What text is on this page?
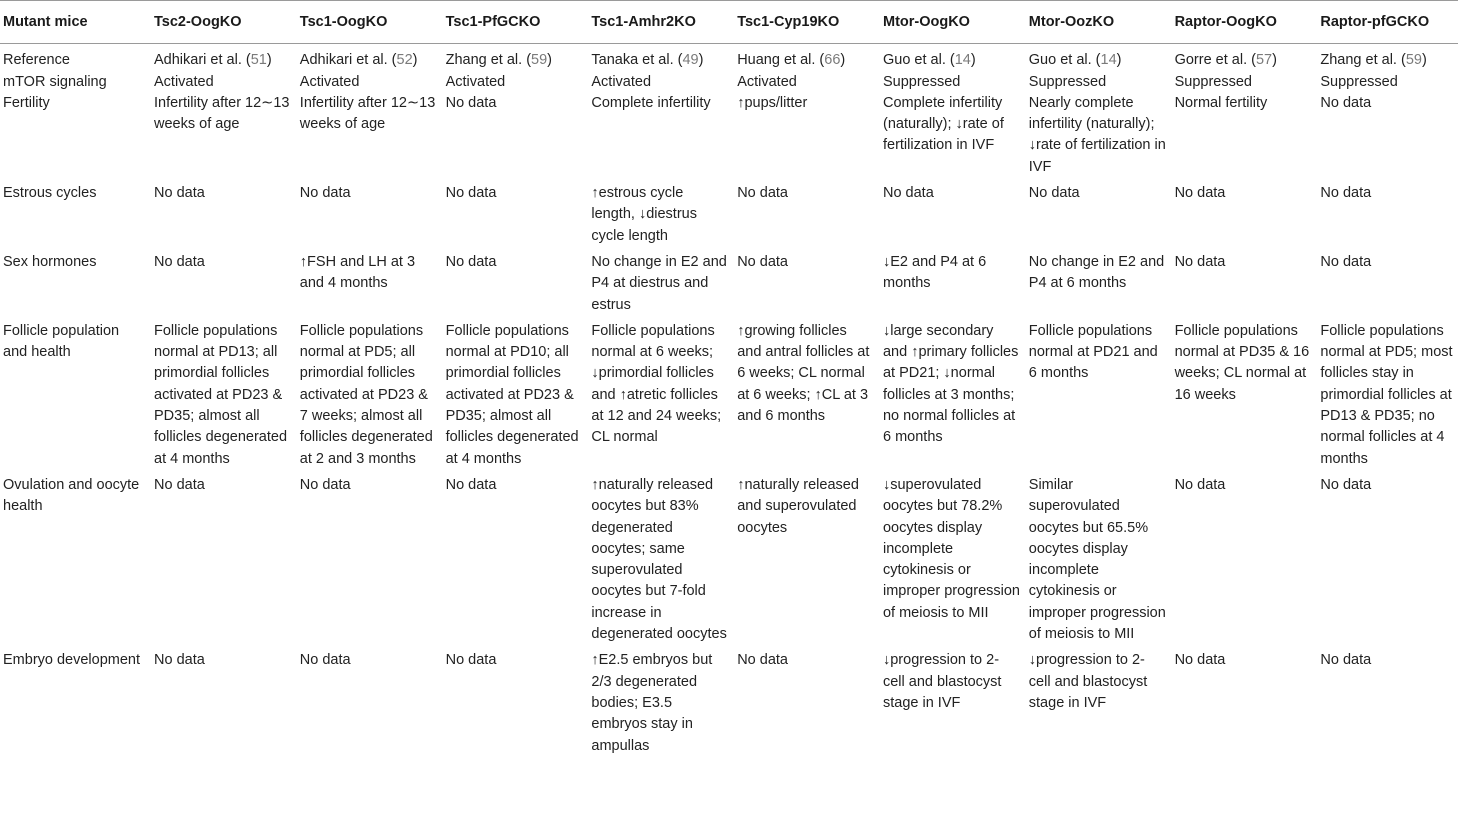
Mutant mice	Tsc2-OogKO	Tsc1-OogKO	Tsc1-PfGCKO	Tsc1-Amhr2KO	Tsc1-Cyp19KO	Mtor-OogKO	Mtor-OozKO	Raptor-OogKO	Raptor-pfGCKO
Reference	Adhikari et al. (51)	Adhikari et al. (52)	Zhang et al. (59)	Tanaka et al. (49)	Huang et al. (66)	Guo et al. (14)	Guo et al. (14)	Gorre et al. (57)	Zhang et al. (59)
mTOR signaling	Activated	Activated	Activated	Activated	Activated	Suppressed	Suppressed	Suppressed	Suppressed
Fertility	Infertility after 12∼13 weeks of age	Infertility after 12∼13 weeks of age	No data	Complete infertility	↑pups/litter	Complete infertility (naturally); ↓rate of fertilization in IVF	Nearly complete infertility (naturally); ↓rate of fertilization in IVF	Normal fertility	No data
Estrous cycles	No data	No data	No data	↑estrous cycle length, ↓diestrus cycle length	No data	No data	No data	No data	No data
Sex hormones	No data	↑FSH and LH at 3 and 4 months	No data	No change in E2 and P4 at diestrus and estrus	No data	↓E2 and P4 at 6 months	No change in E2 and P4 at 6 months	No data	No data
Follicle population and health	Follicle populations normal at PD13; all primordial follicles activated at PD23 & PD35; almost all follicles degenerated at 4 months	Follicle populations normal at PD5; all primordial follicles activated at PD23 & 7 weeks; almost all follicles degenerated at 2 and 3 months	Follicle populations normal at PD10; all primordial follicles activated at PD23 & PD35; almost all follicles degenerated at 4 months	Follicle populations normal at 6 weeks; ↓primordial follicles and ↑atretic follicles at 12 and 24 weeks; CL normal	↑growing follicles and antral follicles at 6 weeks; CL normal at 6 weeks; ↑CL at 3 and 6 months	↓large secondary and ↑primary follicles at PD21; ↓normal follicles at 3 months; no normal follicles at 6 months	Follicle populations normal at PD21 and 6 months	Follicle populations normal at PD35 & 16 weeks; CL normal at 16 weeks	Follicle populations normal at PD5; most follicles stay in primordial follicles at PD13 & PD35; no normal follicles at 4 months
Ovulation and oocyte health	No data	No data	No data	↑naturally released oocytes but 83% degenerated oocytes; same superovulated oocytes but 7-fold increase in degenerated oocytes	↑naturally released and superovulated oocytes	↓superovulated oocytes but 78.2% oocytes display incomplete cytokinesis or improper progression of meiosis to MII	Similar superovulated oocytes but 65.5% oocytes display incomplete cytokinesis or improper progression of meiosis to MII	No data	No data
Embryo development	No data	No data	No data	↑E2.5 embryos but 2/3 degenerated bodies; E3.5 embryos stay in ampullas	No data	↓progression to 2-cell and blastocyst stage in IVF	↓progression to 2-cell and blastocyst stage in IVF	No data	No data
